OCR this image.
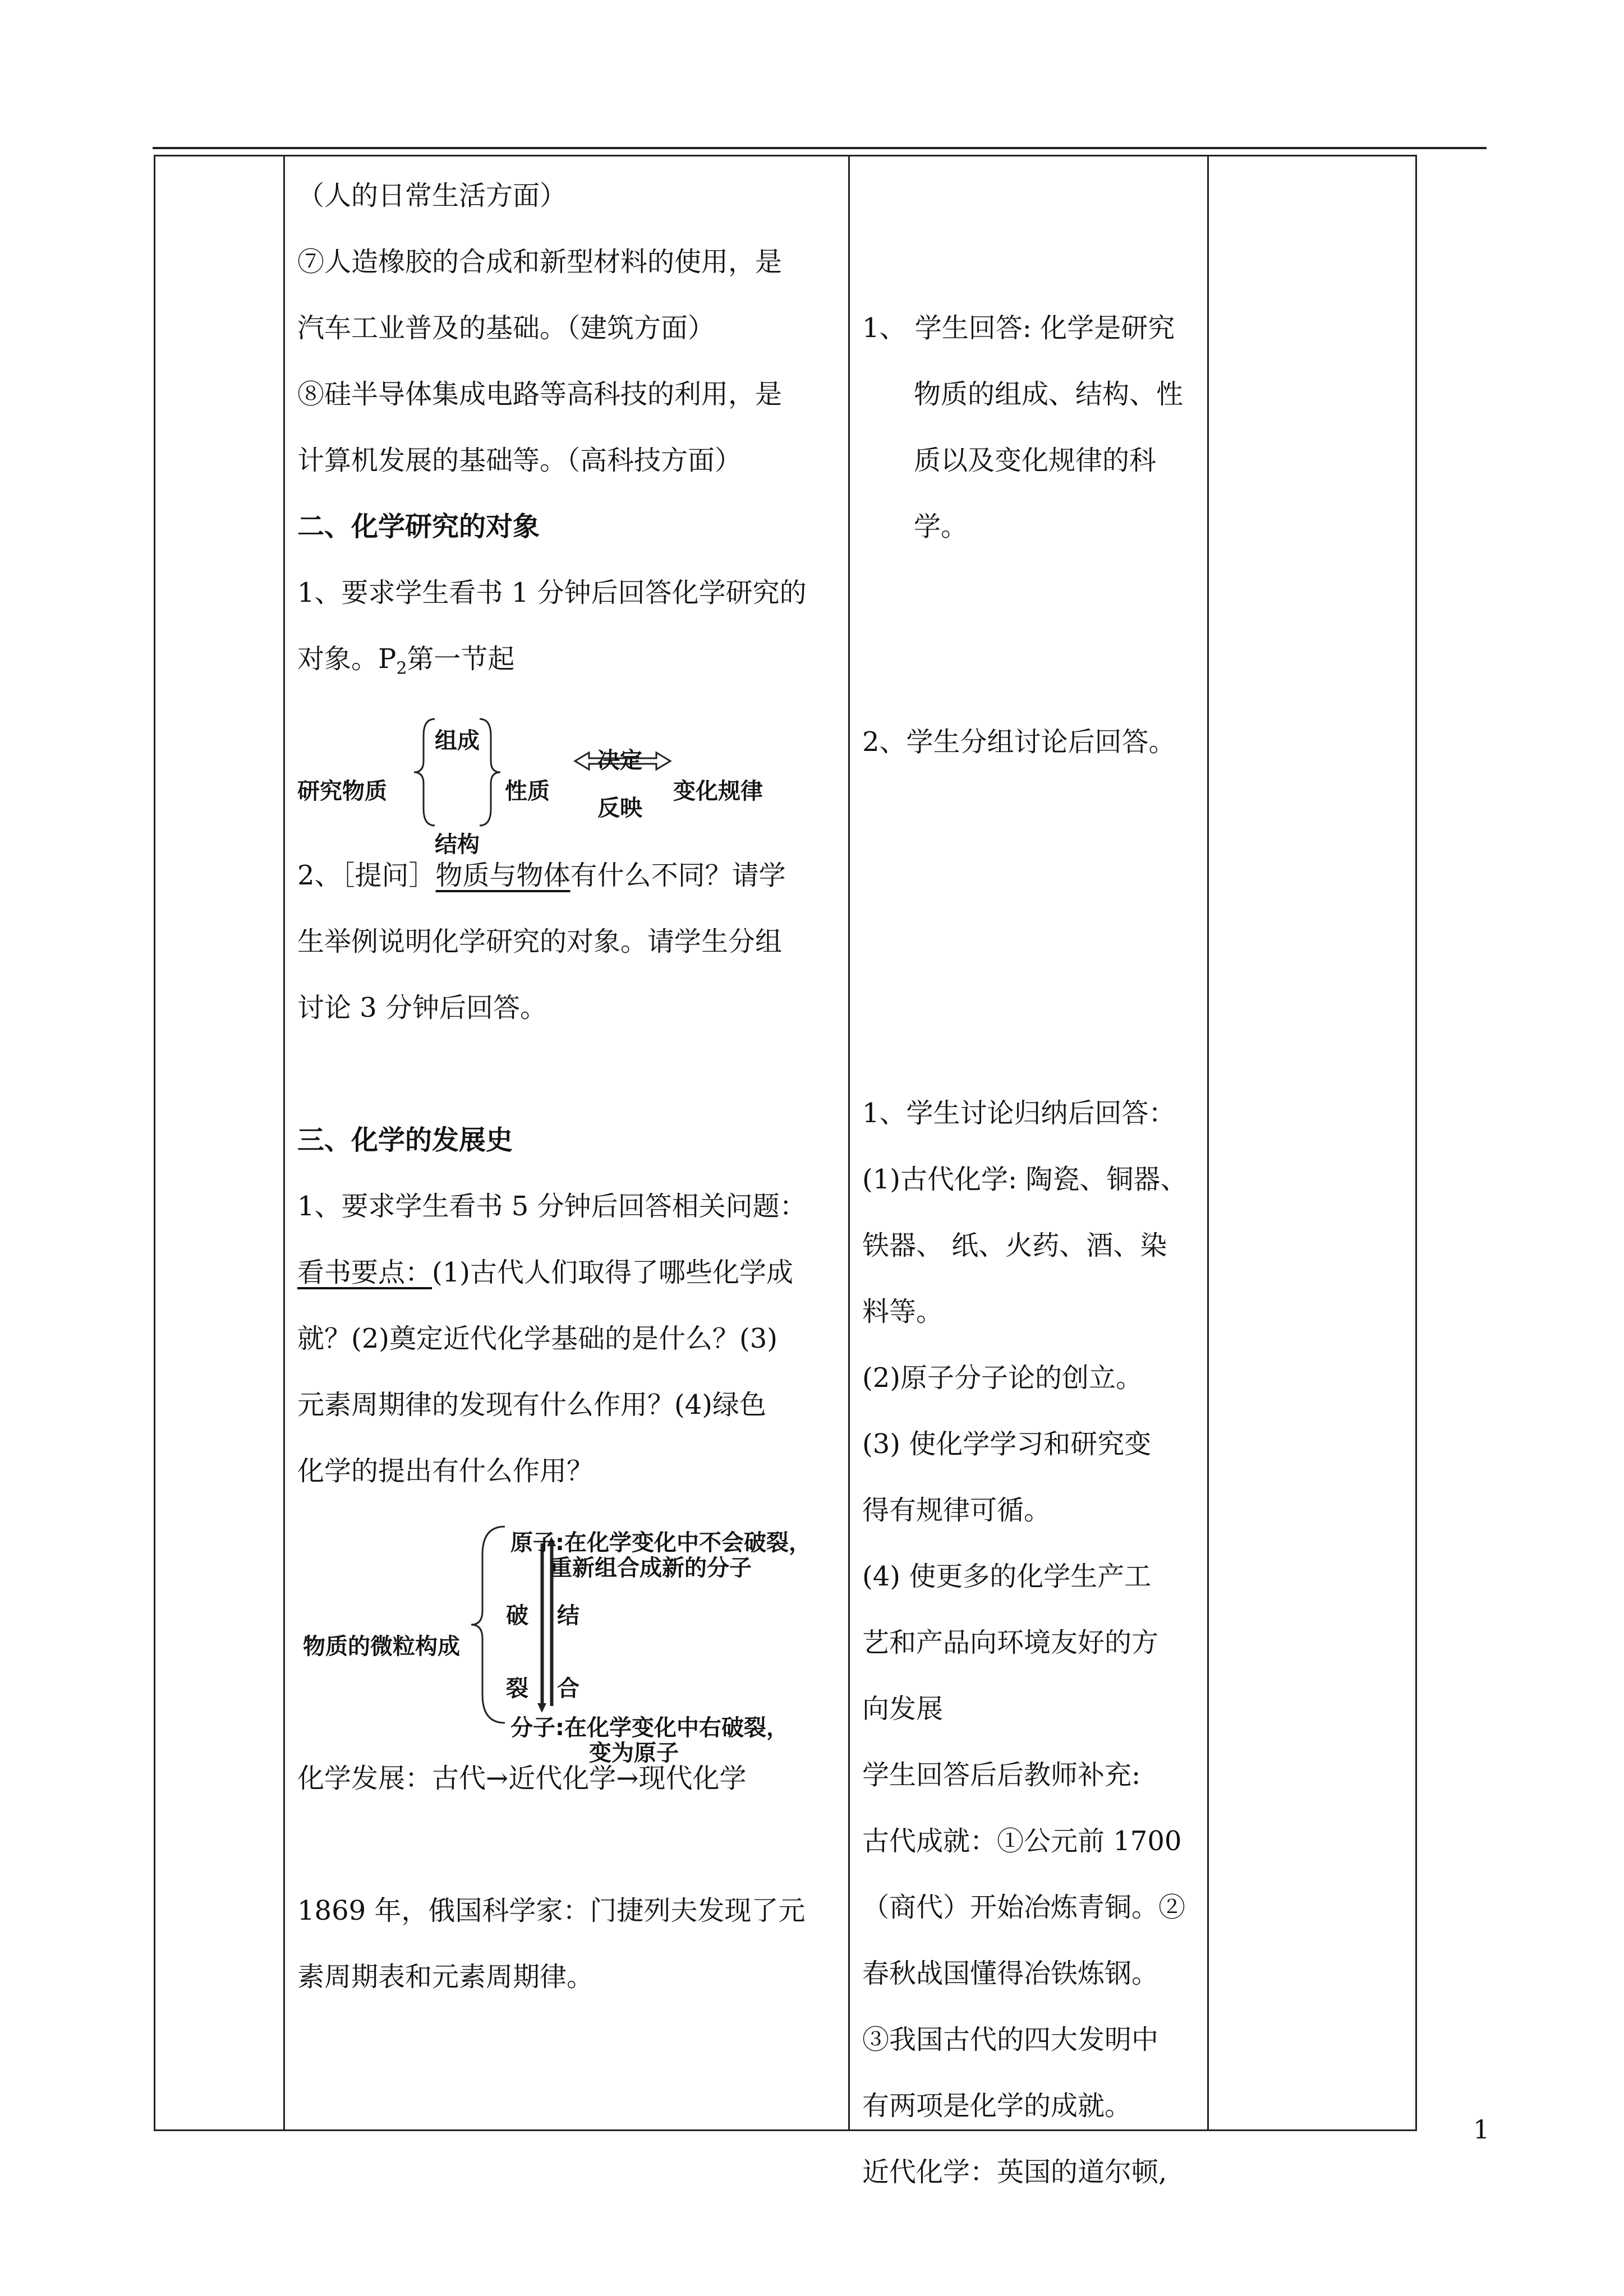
（人的日常生活方面）

⑦人造橡胶的合成和新型材料的使用，是

汽车工业普及的基础。（建筑方面）

⑧硅半导体集成电路等高科技的利用，是

计算机发展的基础等。（高科技方面）

二、化学研究的对象

1、要求学生看书 1 分钟后回答化学研究的

对象。$P_2$第一节起

研究物质
组成
结构
性质
决定
反映
变化规律

2、［提问］物质与物体有什么不同？请学

生举例说明化学研究的对象。请学生分组

讨论 3 分钟后回答。

三、化学的发展史

1、要求学生看书 5 分钟后回答相关问题：

看书要点：(1)古代人们取得了哪些化学成

就？(2)奠定近代化学基础的是什么？(3)

元素周期律的发现有什么作用？(4)绿色

化学的提出有什么作用？

物质的微粒构成
原子:在化学变化中不会破裂，
重新组合成新的分子
破
裂
结
合
分子:在化学变化中右破裂，
变为原子

化学发展：古代→近代化学→现代化学

1869 年，俄国科学家：门捷列夫发现了元

素周期表和元素周期律。

1、 学生回答: 化学是研究

物质的组成、结构、性

质以及变化规律的科

学。

2、学生分组讨论后回答。

1、学生讨论归纳后回答：

(1)古代化学: 陶瓷、铜器、

铁器、 纸、火药、酒、染

料等。

(2)原子分子论的创立。

(3) 使化学学习和研究变

得有规律可循。

(4) 使更多的化学生产工

艺和产品向环境友好的方

向发展

学生回答后后教师补充:

古代成就：①公元前 1700

（商代）开始冶炼青铜。②

春秋战国懂得冶铁炼钢。

③我国古代的四大发明中

有两项是化学的成就。

近代化学：英国的道尔顿,

1
